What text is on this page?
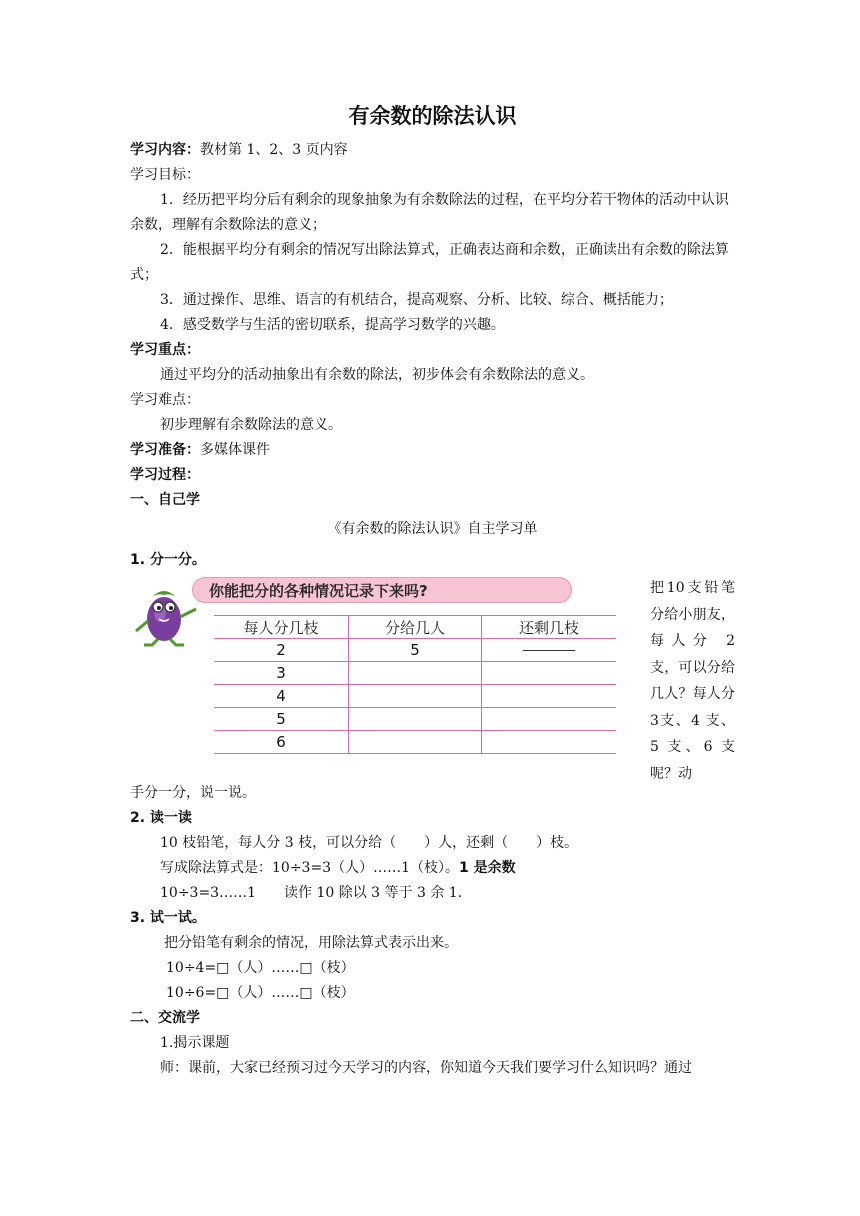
有余数的除法认识

学习内容：教材第 1、2、3 页内容

学习目标：

1．经历把平均分后有剩余的现象抽象为有余数除法的过程，在平均分若干物体的活动中认识余数，理解有余数除法的意义；

2．能根据平均分有剩余的情况写出除法算式，正确表达商和余数，正确读出有余数的除法算式；

3．通过操作、思维、语言的有机结合，提高观察、分析、比较、综合、概括能力；

4．感受数学与生活的密切联系，提高学习数学的兴趣。

学习重点：

通过平均分的活动抽象出有余数的除法，初步体会有余数除法的意义。

学习难点：

初步理解有余数除法的意义。

学习准备：多媒体课件

学习过程：

一、自己学

《有余数的除法认识》自主学习单

1. 分一分。

你能把分的各种情况记录下来吗?
每人分几枝	分给几人	还剩几枝
2	5	
3		
4		
5		
6		
把10支铅笔分给小朋友，每人分 2 支，可以分给几人？每人分3支、4 支、5 支、6 支呢？动

手分一分，说一说。

2. 读一读

10 枝铅笔，每人分 3 枝，可以分给（　　）人，还剩（　　）枝。

写成除法算式是：10÷3=3（人）……1（枝）。1 是余数

10÷3=3……1　　读作 10 除以 3 等于 3 余 1.

3. 试一试。

把分铅笔有剩余的情况，用除法算式表示出来。

10÷4=□（人）……□（枝）

10÷6=□（人）……□（枝）

二、交流学

1.揭示课题

师：课前，大家已经预习过今天学习的内容，你知道今天我们要学习什么知识吗？通过
